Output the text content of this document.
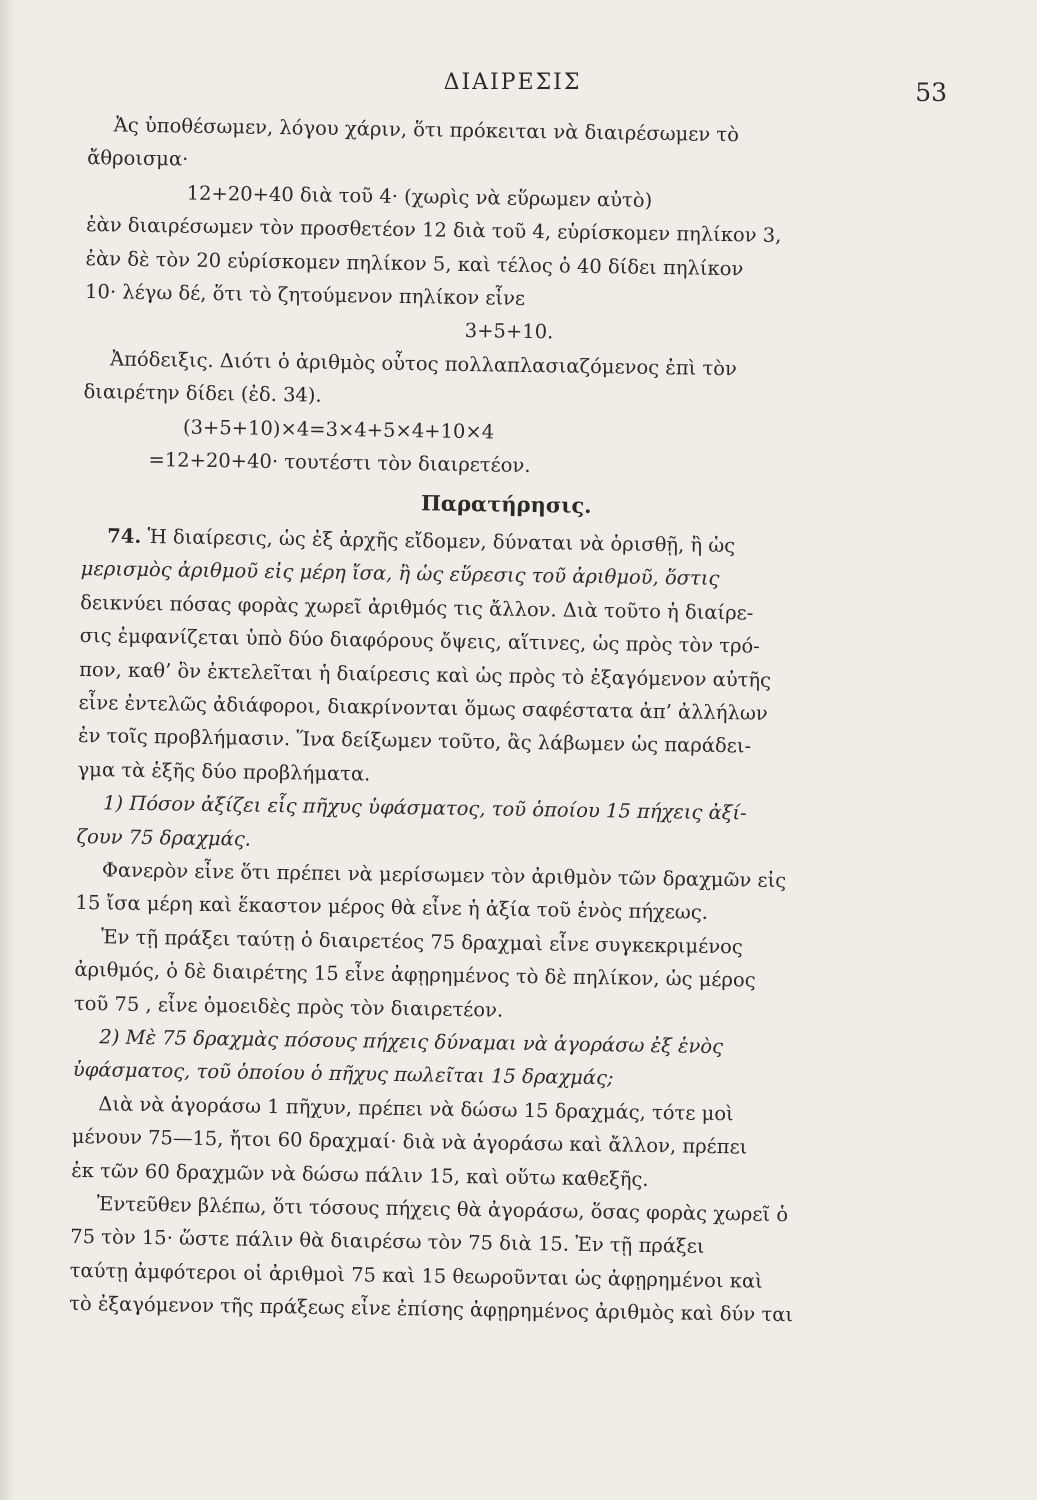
ΔΙΑΙΡΕΣΙΣ	53
Ἀς ὑποθέσωμεν, λόγου χάριν, ὅτι πρόκειται νὰ διαιρέσωμεν τὸ
ἄθροισμα·
12+20+40 διὰ τοῦ 4· (χωρὶς νὰ εὕρωμεν αὐτὸ)
ἐὰν διαιρέσωμεν τὸν προσθετέον 12 διὰ τοῦ 4, εὑρίσκομεν πηλίκον 3,
ἐὰν δὲ τὸν 20 εὑρίσκομεν πηλίκον 5, καὶ τέλος ὁ 40 δίδει πηλίκον
10· λέγω δέ, ὅτι τὸ ζητούμενον πηλίκον εἶνε
3+5+10.
Ἀπόδειξις. Διότι ὁ ἀριθμὸς οὗτος πολλαπλασιαζόμενος ἐπὶ τὸν
διαιρέτην δίδει (ἐδ. 34).
(3+5+10)×4=3×4+5×4+10×4
=12+20+40· τουτέστι τὸν διαιρετέον.
Παρατήρησις.
74. Ἡ διαίρεσις, ὡς ἐξ ἀρχῆς εἴδομεν, δύναται νὰ ὁρισθῇ, ἢ ὡς
μερισμὸς ἀριθμοῦ εἰς μέρη ἴσα, ἢ ὡς εὕρεσις τοῦ ἀριθμοῦ, ὅστις
δεικνύει πόσας φορὰς χωρεῖ ἀριθμός τις ἄλλον. Διὰ τοῦτο ἡ διαίρε-
σις ἐμφανίζεται ὑπὸ δύο διαφόρους ὄψεις, αἵτινες, ὡς πρὸς τὸν τρό-
πον, καθ’ ὃν ἐκτελεῖται ἡ διαίρεσις καὶ ὡς πρὸς τὸ ἐξαγόμενον αὐτῆς
εἶνε ἐντελῶς ἀδιάφοροι, διακρίνονται ὅμως σαφέστατα ἀπ’ ἀλλήλων
ἐν τοῖς προβλήμασιν. Ἵνα δείξωμεν τοῦτο, ἂς λάβωμεν ὡς παράδει-
γμα τὰ ἑξῆς δύο προβλήματα.
1) Πόσον ἀξίζει εἷς πῆχυς ὑφάσματος, τοῦ ὁποίου 15 πήχεις ἀξί-
ζουν 75 δραχμάς.
Φανερὸν εἶνε ὅτι πρέπει νὰ μερίσωμεν τὸν ἀριθμὸν τῶν δραχμῶν εἰς
15 ἴσα μέρη καὶ ἕκαστον μέρος θὰ εἶνε ἡ ἀξία τοῦ ἑνὸς πήχεως.
Ἐν τῇ πράξει ταύτῃ ὁ διαιρετέος 75 δραχμαὶ εἶνε συγκεκριμένος
ἀριθμός, ὁ δὲ διαιρέτης 15 εἶνε ἀφῃρημένος τὸ δὲ πηλίκον, ὡς μέρος
τοῦ 75 , εἶνε ὁμοειδὲς πρὸς τὸν διαιρετέον.
2) Μὲ 75 δραχμὰς πόσους πήχεις δύναμαι νὰ ἀγοράσω ἐξ ἑνὸς
ὑφάσματος, τοῦ ὁποίου ὁ πῆχυς πωλεῖται 15 δραχμάς;
Διὰ νὰ ἀγοράσω 1 πῆχυν, πρέπει νὰ δώσω 15 δραχμάς, τότε μοὶ
μένουν 75—15, ἤτοι 60 δραχμαί· διὰ νὰ ἀγοράσω καὶ ἄλλον, πρέπει
ἐκ τῶν 60 δραχμῶν νὰ δώσω πάλιν 15, καὶ οὕτω καθεξῆς.
Ἐντεῦθεν βλέπω, ὅτι τόσους πήχεις θὰ ἀγοράσω, ὅσας φορὰς χωρεῖ ὁ
75 τὸν 15· ὥστε πάλιν θὰ διαιρέσω τὸν 75 διὰ 15. Ἐν τῇ πράξει
ταύτῃ ἀμφότεροι οἱ ἀριθμοὶ 75 καὶ 15 θεωροῦνται ὡς ἀφῃρημένοι καὶ
τὸ ἐξαγόμενον τῆς πράξεως εἶνε ἐπίσης ἀφῃρημένος ἀριθμὸς καὶ δύν ται
